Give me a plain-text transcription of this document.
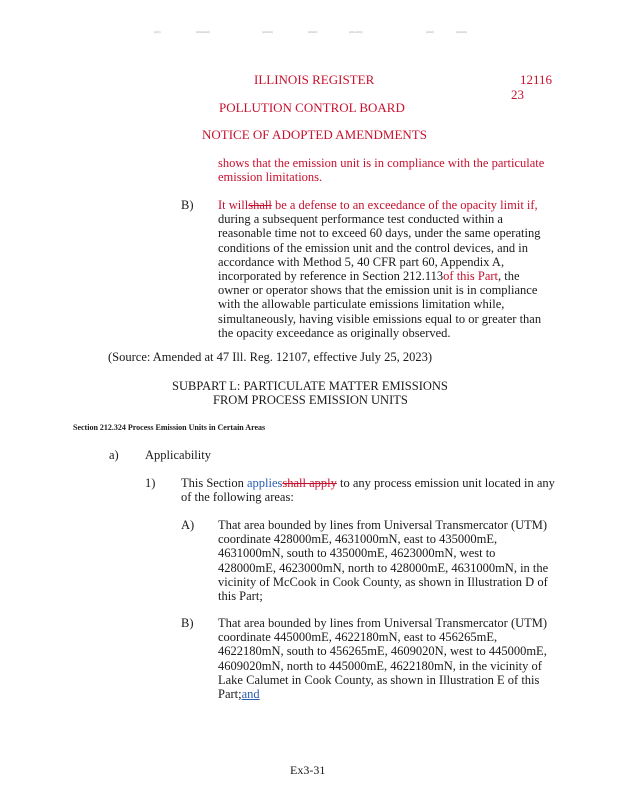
(###)	(########)	(######)	(#####)	(###-####)	(####)	(######)
ILLINOIS REGISTER	12116
23
POLLUTION CONTROL BOARD
NOTICE OF ADOPTED AMENDMENTS
shows that the emission unit is in compliance with the particulate
emission limitations.
B) It willshall be a defense to an exceedance of the opacity limit if,
during a subsequent performance test conducted within a
reasonable time not to exceed 60 days, under the same operating
conditions of the emission unit and the control devices, and in
accordance with Method 5, 40 CFR part 60, Appendix A,
incorporated by reference in Section 212.113of this Part, the
owner or operator shows that the emission unit is in compliance
with the allowable particulate emissions limitation while,
simultaneously, having visible emissions equal to or greater than
the opacity exceedance as originally observed.
(Source: Amended at 47 Ill. Reg. 12107, effective July 25, 2023)
SUBPART L: PARTICULATE MATTER EMISSIONS
FROM PROCESS EMISSION UNITS
Section 212.324 Process Emission Units in Certain Areas
a) Applicability
1) This Section appliesshall apply to any process emission unit located in any
of the following areas:
A) That area bounded by lines from Universal Transmercator (UTM)
coordinate 428000mE, 4631000mN, east to 435000mE,
4631000mN, south to 435000mE, 4623000mN, west to
428000mE, 4623000mN, north to 428000mE, 4631000mN, in the
vicinity of McCook in Cook County, as shown in Illustration D of
this Part;
B) That area bounded by lines from Universal Transmercator (UTM)
coordinate 445000mE, 4622180mN, east to 456265mE,
4622180mN, south to 456265mE, 4609020N, west to 445000mE,
4609020mN, north to 445000mE, 4622180mN, in the vicinity of
Lake Calumet in Cook County, as shown in Illustration E of this
Part;and
Ex3-31
